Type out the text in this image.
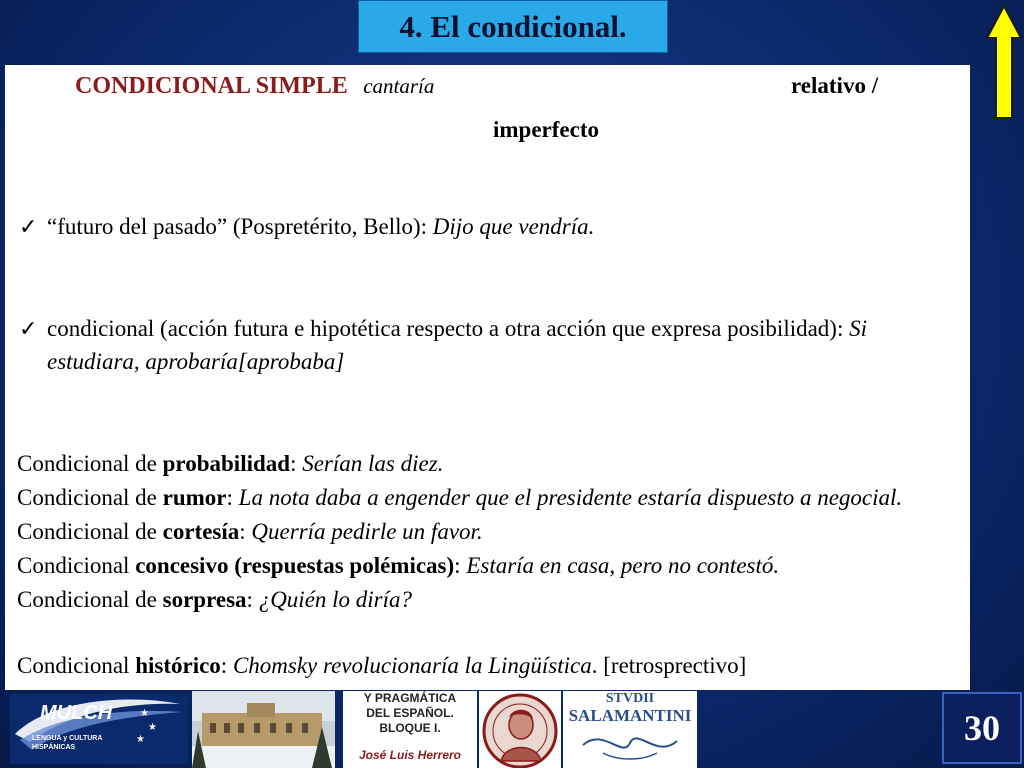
4. El condicional.
CONDICIONAL SIMPLE cantaría	relativo /
imperfecto
✓ “futuro del pasado” (Pospretérito, Bello): Dijo que vendría.
✓ condicional (acción futura e hipotética respecto a otra acción que expresa posibilidad): Si estudiara, aprobaría[aprobaba]
Condicional de probabilidad: Serían las diez.
Condicional de rumor: La nota daba a engender que el presidente estaría dispuesto a negocial.
Condicional de cortesía: Querría pedirle un favor.
Condicional concesivo (respuestas polémicas): Estaría en casa, pero no contestó.
Condicional de sorpresa: ¿Quién lo diría?
Condicional histórico: Chomsky revolucionaría la Lingüística. [retrosprectivo]
★
★
★
MULCH
LENGUA y CULTURA HISPÁNICAS
Y PRAGMÁTICA
DEL ESPAÑOL.
BLOQUE I.
José Luis Herrero
STVDII
SALAMANTINI	30
